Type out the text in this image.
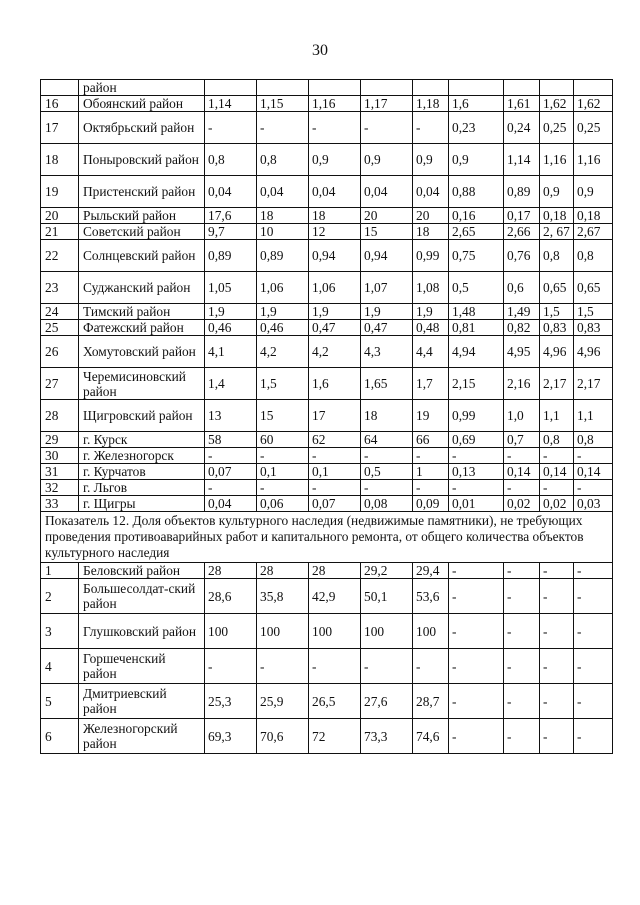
30
	район									
16	Обоянский район	1,14	1,15	1,16	1,17	1,18	1,6	1,61	1,62	1,62
17	Октябрьский район	-	-	-	-	-	0,23	0,24	0,25	0,25
18	Поныровский район	0,8	0,8	0,9	0,9	0,9	0,9	1,14	1,16	1,16
19	Пристенский район	0,04	0,04	0,04	0,04	0,04	0,88	0,89	0,9	0,9
20	Рыльский район	17,6	18	18	20	20	0,16	0,17	0,18	0,18
21	Советский район	9,7	10	12	15	18	2,65	2,66	2, 67	2,67
22	Солнцевский район	0,89	0,89	0,94	0,94	0,99	0,75	0,76	0,8	0,8
23	Суджанский район	1,05	1,06	1,06	1,07	1,08	0,5	0,6	0,65	0,65
24	Тимский район	1,9	1,9	1,9	1,9	1,9	1,48	1,49	1,5	1,5
25	Фатежский район	0,46	0,46	0,47	0,47	0,48	0,81	0,82	0,83	0,83
26	Хомутовский район	4,1	4,2	4,2	4,3	4,4	4,94	4,95	4,96	4,96
27	Черемисиновский район	1,4	1,5	1,6	1,65	1,7	2,15	2,16	2,17	2,17
28	Щигровский район	13	15	17	18	19	0,99	1,0	1,1	1,1
29	г. Курск	58	60	62	64	66	0,69	0,7	0,8	0,8
30	г. Железногорск	-	-	-	-	-	-	-	-	-
31	г. Курчатов	0,07	0,1	0,1	0,5	1	0,13	0,14	0,14	0,14
32	г. Льгов	-	-	-	-	-	-	-	-	-
33	г. Щигры	0,04	0,06	0,07	0,08	0,09	0,01	0,02	0,02	0,03
Показатель 12. Доля объектов культурного наследия (недвижимые памятники), не требующих проведения противоаварийных работ и капитального ремонта, от общего количества объектов культурного наследия										
1	Беловский район	28	28	28	29,2	29,4	-	-	-	-
2	Большесолдат-ский район	28,6	35,8	42,9	50,1	53,6	-	-	-	-
3	Глушковский район	100	100	100	100	100	-	-	-	-
4	Горшеченский район	-	-	-	-	-	-	-	-	-
5	Дмитриевский район	25,3	25,9	26,5	27,6	28,7	-	-	-	-
6	Железногорский район	69,3	70,6	72	73,3	74,6	-	-	-	-
